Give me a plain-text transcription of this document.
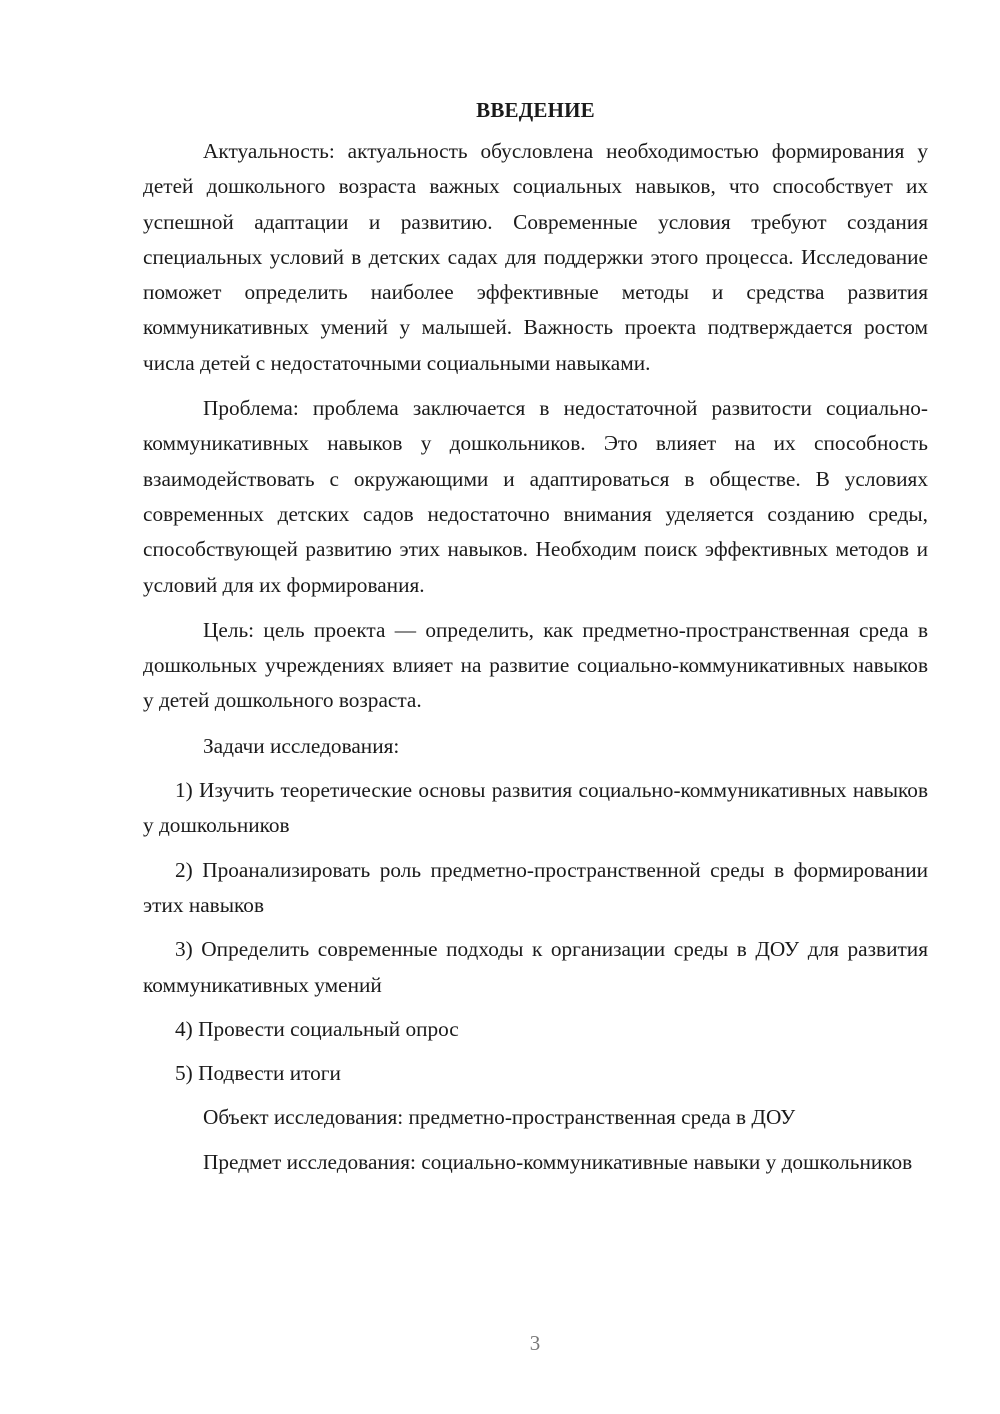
ВВЕДЕНИЕ

Актуальность: актуальность обусловлена необходимостью формирования у детей дошкольного возраста важных социальных навыков, что способствует их успешной адаптации и развитию. Современные условия требуют создания специальных условий в детских садах для поддержки этого процесса. Исследование поможет определить наиболее эффективные методы и средства развития коммуникативных умений у малышей. Важность проекта подтверждается ростом числа детей с недостаточными социальными навыками.

Проблема: проблема заключается в недостаточной развитости социально-коммуникативных навыков у дошкольников. Это влияет на их способность взаимодействовать с окружающими и адаптироваться в обществе. В условиях современных детских садов недостаточно внимания уделяется созданию среды, способствующей развитию этих навыков. Необходим поиск эффективных методов и условий для их формирования.

Цель: цель проекта — определить, как предметно-пространственная среда в дошкольных учреждениях влияет на развитие социально-коммуникативных навыков у детей дошкольного возраста.

Задачи исследования:

1) Изучить теоретические основы развития социально-коммуникативных навыков у дошкольников

2) Проанализировать роль предметно-пространственной среды в формировании этих навыков

3) Определить современные подходы к организации среды в ДОУ для развития коммуникативных умений

4) Провести социальный опрос

5) Подвести итоги

Объект исследования: предметно-пространственная среда в ДОУ

Предмет исследования: социально-коммуникативные навыки у дошкольников

3
